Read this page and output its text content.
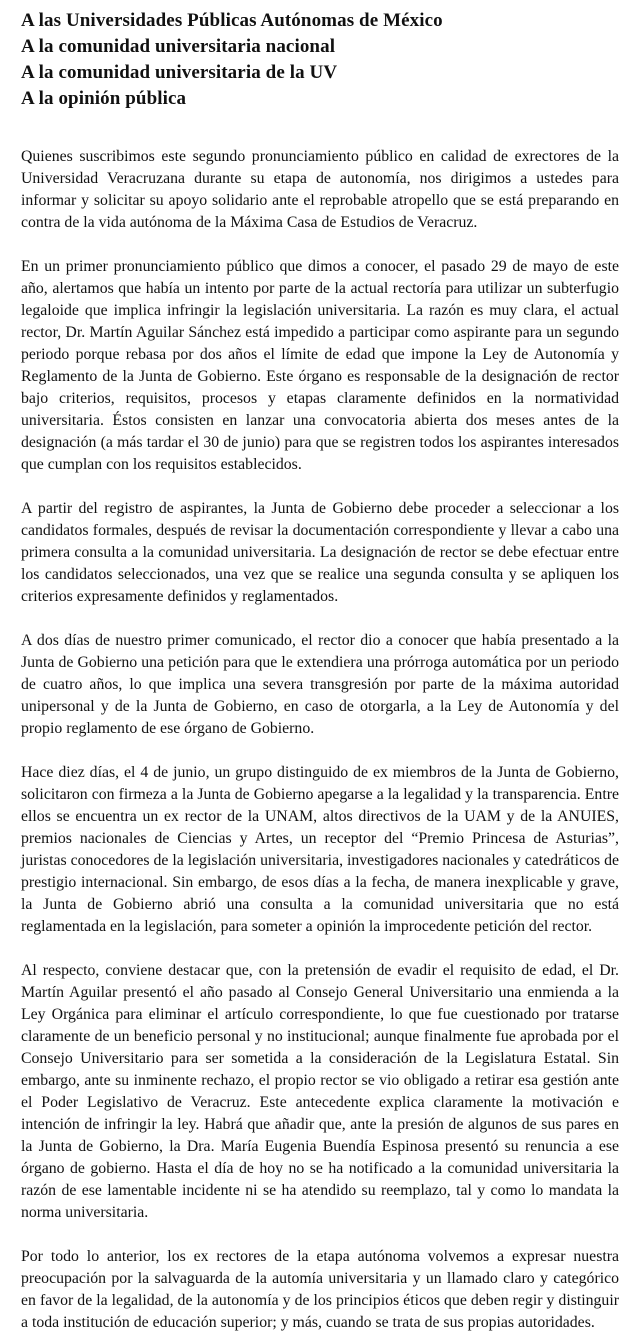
A las Universidades Públicas Autónomas de México
A la comunidad universitaria nacional
A la comunidad universitaria de la UV
A la opinión pública

Quienes suscribimos este segundo pronunciamiento público en calidad de exrectores de la Universidad Veracruzana durante su etapa de autonomía, nos dirigimos a ustedes para informar y solicitar su apoyo solidario ante el reprobable atropello que se está preparando en contra de la vida autónoma de la Máxima Casa de Estudios de Veracruz.

En un primer pronunciamiento público que dimos a conocer, el pasado 29 de mayo de este año, alertamos que había un intento por parte de la actual rectoría para utilizar un subterfugio legaloide que implica infringir la legislación universitaria. La razón es muy clara, el actual rector, Dr. Martín Aguilar Sánchez está impedido a participar como aspirante para un segundo periodo porque rebasa por dos años el límite de edad que impone la Ley de Autonomía y Reglamento de la Junta de Gobierno. Este órgano es responsable de la designación de rector bajo criterios, requisitos, procesos y etapas claramente definidos en la normatividad universitaria. Éstos consisten en lanzar una convocatoria abierta dos meses antes de la designación (a más tardar el 30 de junio) para que se registren todos los aspirantes interesados que cumplan con los requisitos establecidos.

A partir del registro de aspirantes, la Junta de Gobierno debe proceder a seleccionar a los candidatos formales, después de revisar la documentación correspondiente y llevar a cabo una primera consulta a la comunidad universitaria. La designación de rector se debe efectuar entre los candidatos seleccionados, una vez que se realice una segunda consulta y se apliquen los criterios expresamente definidos y reglamentados.

A dos días de nuestro primer comunicado, el rector dio a conocer que había presentado a la Junta de Gobierno una petición para que le extendiera una prórroga automática por un periodo de cuatro años, lo que implica una severa transgresión por parte de la máxima autoridad unipersonal y de la Junta de Gobierno, en caso de otorgarla, a la Ley de Autonomía y del propio reglamento de ese órgano de Gobierno.

Hace diez días, el 4 de junio, un grupo distinguido de ex miembros de la Junta de Gobierno, solicitaron con firmeza a la Junta de Gobierno apegarse a la legalidad y la transparencia. Entre ellos se encuentra un ex rector de la UNAM, altos directivos de la UAM y de la ANUIES, premios nacionales de Ciencias y Artes, un receptor del “Premio Princesa de Asturias”, juristas conocedores de la legislación universitaria, investigadores nacionales y catedráticos de prestigio internacional. Sin embargo, de esos días a la fecha, de manera inexplicable y grave, la Junta de Gobierno abrió una consulta a la comunidad universitaria que no está reglamentada en la legislación, para someter a opinión la improcedente petición del rector.

Al respecto, conviene destacar que, con la pretensión de evadir el requisito de edad, el Dr. Martín Aguilar presentó el año pasado al Consejo General Universitario una enmienda a la Ley Orgánica para eliminar el artículo correspondiente, lo que fue cuestionado por tratarse claramente de un beneficio personal y no institucional; aunque finalmente fue aprobada por el Consejo Universitario para ser sometida a la consideración de la Legislatura Estatal. Sin embargo, ante su inminente rechazo, el propio rector se vio obligado a retirar esa gestión ante el Poder Legislativo de Veracruz. Este antecedente explica claramente la motivación e intención de infringir la ley. Habrá que añadir que, ante la presión de algunos de sus pares en la Junta de Gobierno, la Dra. María Eugenia Buendía Espinosa presentó su renuncia a ese órgano de gobierno. Hasta el día de hoy no se ha notificado a la comunidad universitaria la razón de ese lamentable incidente ni se ha atendido su reemplazo, tal y como lo mandata la norma universitaria.

Por todo lo anterior, los ex rectores de la etapa autónoma volvemos a expresar nuestra preocupación por la salvaguarda de la automía universitaria y un llamado claro y categórico en favor de la legalidad, de la autonomía y de los principios éticos que deben regir y distinguir a toda institución de educación superior; y más, cuando se trata de sus propias autoridades.
